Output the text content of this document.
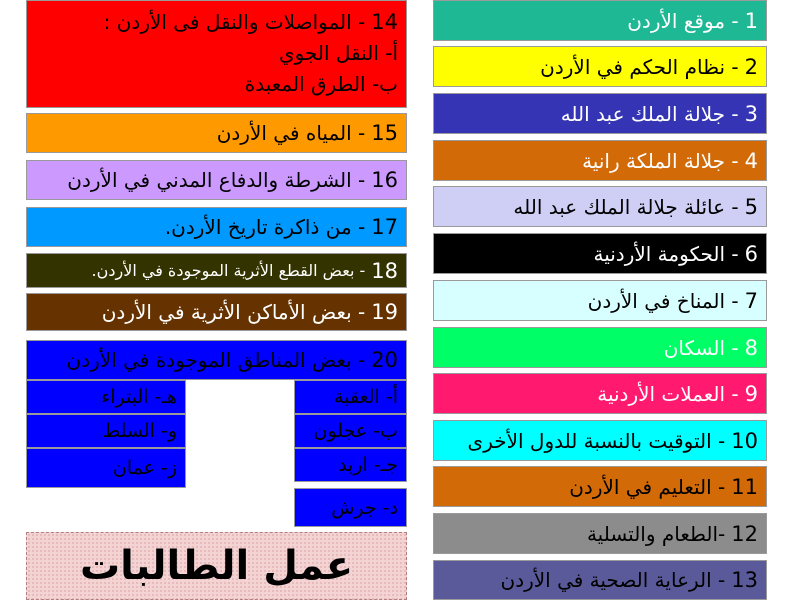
1
- موقع الأردن
2
- نظام الحكم في الأردن
3
- جلالة الملك عبد الله
4
- جلالة الملكة رانية
5
- عائلة جلالة الملك عبد الله
6
- الحكومة الأردنية
7
- المناخ في الأردن
8
- السكان
9
- العملات الأردنية
10
- التوقيت بالنسبة للدول الأخرى
11
- التعليم في الأردن
12
-الطعام والتسلية
13
- الرعاية الصحية في الأردن
14- المواصلات والنقل فى الأردن :
أ- النقل الجوي
ب- الطرق المعبدة
15
- المياه في الأردن
16
- الشرطة والدفاع المدني في الأردن
17
- من ذاكرة تاريخ الأردن.
18
- بعض القطع الأثرية الموجودة في الأردن.
19
- بعض الأماكن الأثرية في الأردن
20
- بعض المناطق الموجودة في الأردن
أ- العقبة
ب- عجلون
جـ- اربد
د- جرش
هـ- البتراء
و- السلط
ز- عمان
عمل الطالبات
